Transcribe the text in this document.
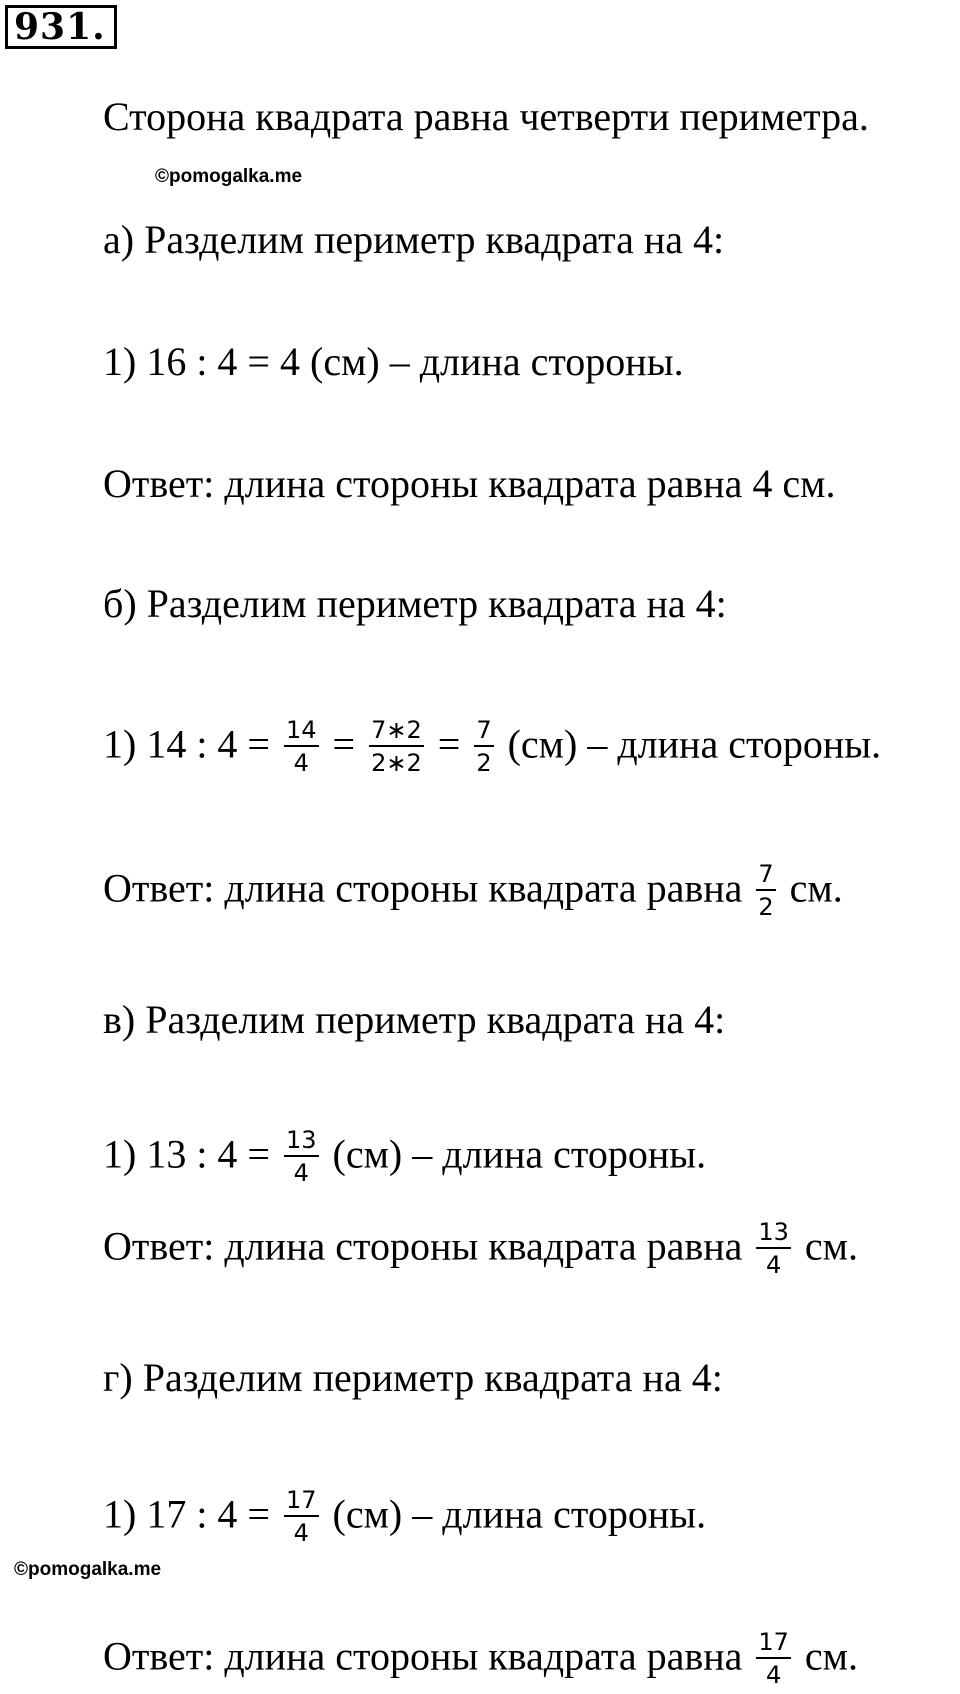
931.
Сторона квадрата равна четверти периметра.
©pomogalka.me
а) Разделим периметр квадрата на 4:
1) 16 : 4 = 4 (см) – длина стороны.
Ответ: длина стороны квадрата равна 4 см.
б) Разделим периметр квадрата на 4:
1) 14 : $4 = \frac{14}{4} = \frac{7∗2}{2∗2} = \frac{7}{2} (см)$ – длина стороны.
Ответ: длина стороны квадрата равна $\frac{7}{2}$ см.
в) Разделим периметр квадрата на 4:
1) 13 : $4 = \frac{13}{4} (см)$ – длина стороны.
Ответ: длина стороны квадрата равна $\frac{13}{4}$ см.
г) Разделим периметр квадрата на 4:
1) 17 : $4 = \frac{17}{4} (см)$ – длина стороны.
©pomogalka.me
Ответ: длина стороны квадрата равна $\frac{17}{4}$ см.
